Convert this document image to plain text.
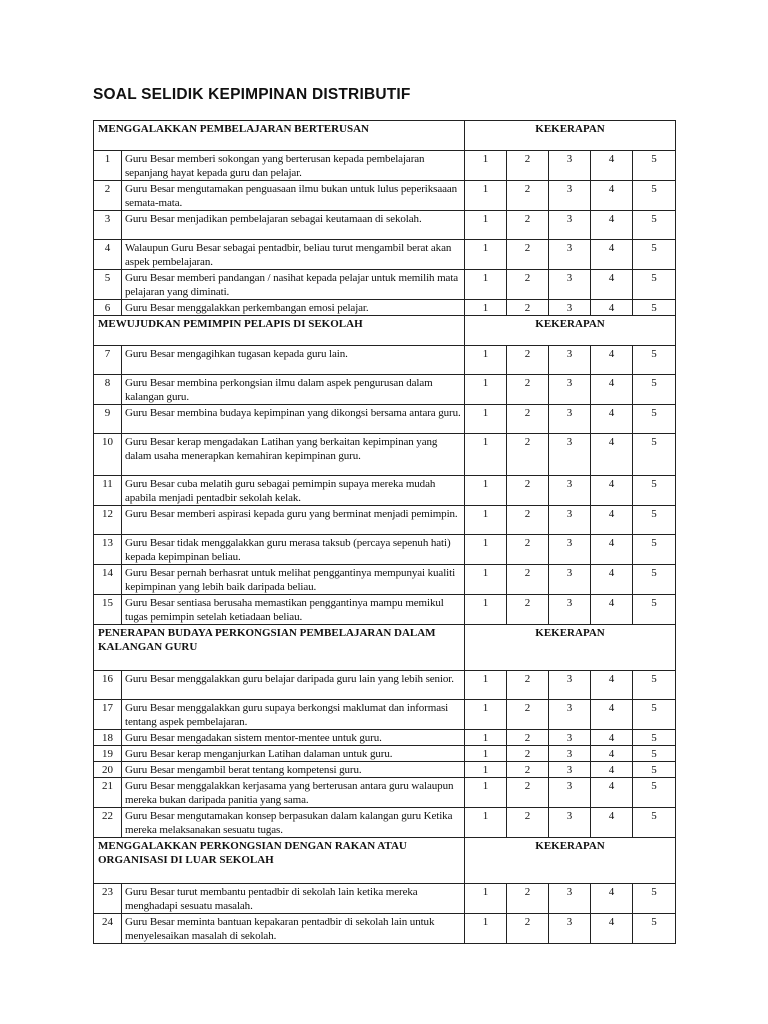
SOAL SELIDIK KEPIMPINAN DISTRIBUTIF
MENGGALAKKAN PEMBELAJARAN BERTERUSAN		KEKERAPAN				
1	Guru Besar memberi sokongan yang berterusan kepada pembelajaran sepanjang hayat kepada guru dan pelajar.	1	2	3	4	5
2	Guru Besar mengutamakan penguasaan ilmu bukan untuk lulus peperiksaaan semata-mata.	1	2	3	4	5
3	Guru Besar menjadikan pembelajaran sebagai keutamaan di sekolah.	1	2	3	4	5
4	Walaupun Guru Besar sebagai pentadbir, beliau turut mengambil berat akan aspek pembelajaran.	1	2	3	4	5
5	Guru Besar memberi pandangan / nasihat kepada pelajar untuk memilih mata pelajaran yang diminati.	1	2	3	4	5
6	Guru Besar menggalakkan perkembangan emosi pelajar.	1	2	3	4	5
MEWUJUDKAN PEMIMPIN PELAPIS DI SEKOLAH		KEKERAPAN				
7	Guru Besar mengagihkan tugasan kepada guru lain.	1	2	3	4	5
8	Guru Besar membina perkongsian ilmu dalam aspek pengurusan dalam kalangan guru.	1	2	3	4	5
9	Guru Besar membina budaya kepimpinan yang dikongsi bersama antara guru.	1	2	3	4	5
10	Guru Besar kerap mengadakan Latihan yang berkaitan kepimpinan yang dalam usaha menerapkan kemahiran kepimpinan guru.	1	2	3	4	5
11	Guru Besar cuba melatih guru sebagai pemimpin supaya mereka mudah apabila menjadi pentadbir sekolah kelak.	1	2	3	4	5
12	Guru Besar memberi aspirasi kepada guru yang berminat menjadi pemimpin.	1	2	3	4	5
13	Guru Besar tidak menggalakkan guru merasa taksub (percaya sepenuh hati) kepada kepimpinan beliau.	1	2	3	4	5
14	Guru Besar pernah berhasrat untuk melihat penggantinya mempunyai kualiti kepimpinan yang lebih baik daripada beliau.	1	2	3	4	5
15	Guru Besar sentiasa berusaha memastikan penggantinya mampu memikul tugas pemimpin setelah ketiadaan beliau.	1	2	3	4	5
PENERAPAN BUDAYA PERKONGSIAN PEMBELAJARAN DALAM KALANGAN GURU		KEKERAPAN				
16	Guru Besar menggalakkan guru belajar daripada guru lain yang lebih senior.	1	2	3	4	5
17	Guru Besar menggalakkan guru supaya berkongsi maklumat dan informasi tentang aspek pembelajaran.	1	2	3	4	5
18	Guru Besar mengadakan sistem mentor-mentee untuk guru.	1	2	3	4	5
19	Guru Besar kerap menganjurkan Latihan dalaman untuk guru.	1	2	3	4	5
20	Guru Besar mengambil berat tentang kompetensi guru.	1	2	3	4	5
21	Guru Besar menggalakkan kerjasama yang berterusan antara guru walaupun mereka bukan daripada panitia yang sama.	1	2	3	4	5
22	Guru Besar mengutamakan konsep berpasukan dalam kalangan guru Ketika mereka melaksanakan sesuatu tugas.	1	2	3	4	5
MENGGALAKKAN PERKONGSIAN DENGAN RAKAN ATAU ORGANISASI DI LUAR SEKOLAH		KEKERAPAN				
23	Guru Besar turut membantu pentadbir di sekolah lain ketika mereka menghadapi sesuatu masalah.	1	2	3	4	5
24	Guru Besar meminta bantuan kepakaran pentadbir di sekolah lain untuk menyelesaikan masalah di sekolah.	1	2	3	4	5
